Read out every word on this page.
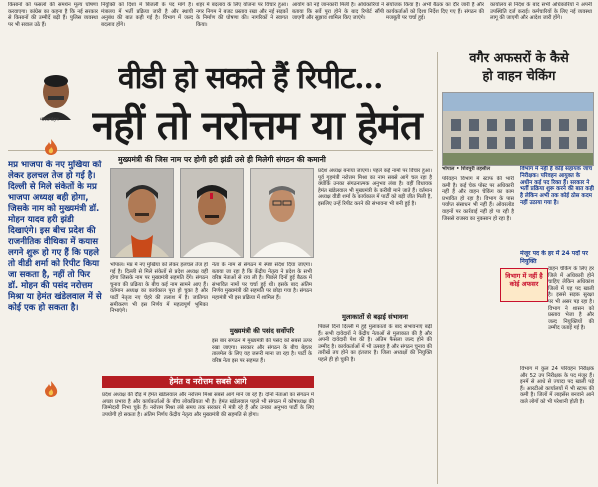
किसानों को फसलों की समर्थन मूल्य घोषणा करवाएगा। कांग्रेस का कहना है कि नई सरकार से किसानों की उम्मीदें बढ़ी हैं। पुलिस व्यवस्था पर भी सवाल उठे हैं।
नियुक्ति को दिशा में बिजली के पद मांगे हैं। मंत्रालय में भर्ती प्रक्रिया जारी है और स्थायी अनुबंध की बात कही गई है। विभाग में जल्द बदलाव होंगे।
शहर में बदलाव के लिए योजना पर विचार हुआ। नगर निगम ने बजट प्रस्ताव रखा और नई सड़कों के निर्माण की घोषणा की। नागरिकों ने स्वागत किया।
आयोग को नई जानकारी मिली है। अधिकारियों ने बताया कि सर्वे पूरा होने के बाद रिपोर्ट सौंपी जाएगी और सुझाव शामिल किए जाएंगे।
संयोजक किया है। अभी बैठक का दौर जारी है और कार्यकर्ताओं को दिशा निर्देश दिए गए हैं। संगठन की मजबूती पर चर्चा हुई।
कार्यालय से निर्देश के बाद सभी अधिकारियों ने अपनी उपस्थिति दर्ज कराई। कर्मचारियों के लिए नई व्यवस्था लागू की जाएगी और आदेश जारी होंगे।
गौरवमोहन
वीडी हो सकते हैं रिपीट...
नहीं तो नरोत्तम या हेमंत
मुख्यमंत्री की जिस नाम पर होगी हरी झंडी उसे ही मिलेगी संगठन की कमानी
मप्र भाजपा के नए मुखिया को लेकर हलचल तेज हो गई है। दिल्ली से मिले संकेतों के मप्र भाजपा अध्यक्ष बही होगा, जिसके नाम को मुख्यमंत्री डॉ. मोहन यादव हरी झंडी दिखाएंगे। इस बीच प्रदेश की राजनीतिक वीथिका में कयास लगने शुरू हो गए हैं कि पहले तो वीडी शर्मा को रिपीट किया जा सकता है, नहीं तो फिर डॉ. मोहन की पसंद नरोत्तम मिश्रा या हेमंत खंडेलवाल में से कोई एक हो सकता है।
भोपाल। मप्र में नए मुखिया को लेकर हलचल तेज हो गई है। दिल्ली से मिले संकेतों से प्रदेश अध्यक्ष वहीं होगा जिसके नाम पर मुख्यमंत्री सहमति देंगे। संगठन चुनाव की प्रक्रिया के बीच कई नाम सामने आए हैं। वर्तमान अध्यक्ष का कार्यकाल पूरा हो चुका है और पार्टी नेतृत्व नए चेहरे की तलाश में है। जातिगत समीकरण भी इस निर्णय में महत्वपूर्ण भूमिका निभाएंगे।
नेता के नाम से संगठन में स्पष्ट संदेश दिया जाएगा। बताया जा रहा है कि केंद्रीय नेतृत्व ने प्रदेश के सभी वरिष्ठ नेताओं से राय ली है। पिछले दिनों हुई बैठक में संभावित नामों पर चर्चा हुई थी। इसके बाद अंतिम निर्णय मुख्यमंत्री की सहमति पर छोड़ा गया है। संगठन महामंत्री भी इस प्रक्रिया में शामिल हैं।
मुख्यमंत्री की पसंद सर्वोपरि
इस बार संगठन में मुख्यमंत्री की पसंद को सबसे ऊपर रखा जाएगा। सरकार और संगठन के बीच बेहतर तालमेल के लिए यह जरूरी माना जा रहा है। पार्टी के वरिष्ठ नेता इस पर सहमत हैं।
प्रदेश अध्यक्ष बनाया जाएगा। पहले कई नामों पर विचार हुआ। पूर्व गृहमंत्री नरोत्तम मिश्रा का नाम सबसे आगे चल रहा है क्योंकि उनका संगठनात्मक अनुभव लंबा है। वहीं विधायक हेमंत खंडेलवाल भी मुख्यमंत्री के करीबी माने जाते हैं। वर्तमान अध्यक्ष वीडी शर्मा के कार्यकाल में पार्टी को बड़ी जीत मिली है, इसलिए उन्हें रिपीट करने की संभावना भी बनी हुई है।
मुलाकातों से बढ़ाई संभावना
पिछले दिनों दिल्ली में हुई मुलाकातों के बाद संभावनाएं बढ़ी हैं। सभी दावेदारों ने केंद्रीय नेताओं से मुलाकात की है और अपनी दावेदारी पेश की है। अंतिम फैसला जल्द होने की उम्मीद है। कार्यकर्ताओं में भी उत्साह है और संगठन चुनाव की तारीखें तय होने का इंतजार है। जिला अध्यक्षों की नियुक्ति पहले ही हो चुकी है।
हेमंत व नरोत्तम सबसे आगे
प्रदेश अध्यक्ष की दौड़ में हेमंत खंडेलवाल और नरोत्तम मिश्रा सबसे आगे माने जा रहे हैं। दोनों नेताओं का संगठन में अच्छा प्रभाव है और कार्यकर्ताओं के बीच लोकप्रियता भी है। हेमंत खंडेलवाल पहले भी संगठन में कोषाध्यक्ष की जिम्मेदारी निभा चुके हैं। नरोत्तम मिश्रा लंबे समय तक सरकार में मंत्री रहे हैं और उनका अनुभव पार्टी के लिए उपयोगी हो सकता है। अंतिम निर्णय केंद्रीय नेतृत्व और मुख्यमंत्री की सहमति से होगा।
वगैर अफसरों के कैसे
हो वाहन चेकिंग
भोपाल • शिवपुरी तहसील
परिवहन विभाग में स्टाफ की भारी कमी है। कई चेक पोस्ट पर अधिकारी नहीं हैं और वाहन चेकिंग का काम प्रभावित हो रहा है। विभाग के पास पर्याप्त संसाधन भी नहीं हैं। ओवरलोड वाहनों पर कार्रवाई नहीं हो पा रही है जिससे राजस्व का नुकसान हो रहा है।
विभाग में नहीं हैं कोई सहायक जांच निरीक्षक। परिवहन आयुक्त के अधीन कई पद रिक्त हैं। सरकार ने भर्ती प्रक्रिया शुरू करने की बात कही है लेकिन अभी तक कोई ठोस कदम नहीं उठाया गया है।
मंजूर पद के हर में 24 पदों पर नियुक्ति
विभाग में नहीं है कोई अफसर
वाहन चेकिंग के लिए हर जिले में अधिकारी होने चाहिए लेकिन अधिकांश जिलों में यह पद खाली है। इससे सड़क सुरक्षा पर भी असर पड़ रहा है। विभाग ने शासन को प्रस्ताव भेजा है और जल्द नियुक्तियों की उम्मीद जताई गई है।
विभाग में कुल 24 परिवहन निरीक्षक और 52 उप निरीक्षक के पद मंजूर हैं। इनमें से आधे से ज्यादा पद खाली पड़े हैं। आरटीओ कार्यालयों में भी स्टाफ की कमी है। जिलों में लाइसेंस बनवाने आने वाले लोगों को भी परेशानी होती है।
